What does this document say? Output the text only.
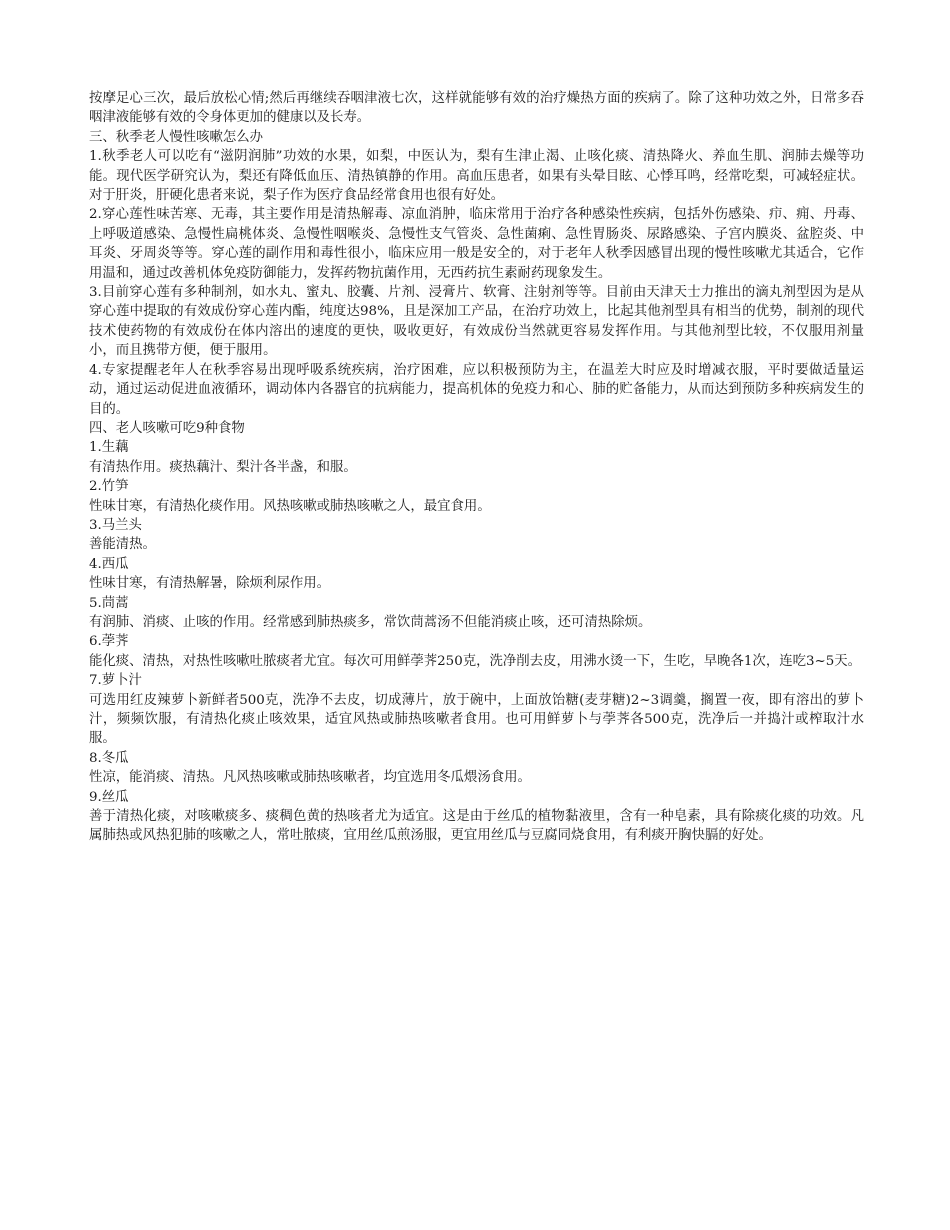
按摩足心三次，最后放松心情;然后再继续吞咽津液七次，这样就能够有效的治疗燥热方面的疾病了。除了这种功效之外，日常多吞咽津液能够有效的令身体更加的健康以及长寿。

三、秋季老人慢性咳嗽怎么办

1.秋季老人可以吃有“滋阴润肺”功效的水果，如梨，中医认为，梨有生津止渴、止咳化痰、清热降火、养血生肌、润肺去燥等功能。现代医学研究认为，梨还有降低血压、清热镇静的作用。高血压患者，如果有头晕目眩、心悸耳鸣，经常吃梨，可减轻症状。对于肝炎，肝硬化患者来说，梨子作为医疗食品经常食用也很有好处。

2.穿心莲性味苦寒、无毒，其主要作用是清热解毒、凉血消肿，临床常用于治疗各种感染性疾病，包括外伤感染、疖、痈、丹毒、上呼吸道感染、急慢性扁桃体炎、急慢性咽喉炎、急慢性支气管炎、急性菌痢、急性胃肠炎、尿路感染、子宫内膜炎、盆腔炎、中耳炎、牙周炎等等。穿心莲的副作用和毒性很小，临床应用一般是安全的，对于老年人秋季因感冒出现的慢性咳嗽尤其适合，它作用温和，通过改善机体免疫防御能力，发挥药物抗菌作用，无西药抗生素耐药现象发生。

3.目前穿心莲有多种制剂，如水丸、蜜丸、胶囊、片剂、浸膏片、软膏、注射剂等等。目前由天津天士力推出的滴丸剂型因为是从穿心莲中提取的有效成份穿心莲内酯，纯度达98%，且是深加工产品，在治疗功效上，比起其他剂型具有相当的优势，制剂的现代技术使药物的有效成份在体内溶出的速度的更快，吸收更好，有效成份当然就更容易发挥作用。与其他剂型比较，不仅服用剂量小，而且携带方便，便于服用。

4.专家提醒老年人在秋季容易出现呼吸系统疾病，治疗困难，应以积极预防为主，在温差大时应及时增减衣服，平时要做适量运动，通过运动促进血液循环，调动体内各器官的抗病能力，提高机体的免疫力和心、肺的贮备能力，从而达到预防多种疾病发生的目的。

四、老人咳嗽可吃9种食物

1.生藕

有清热作用。痰热藕汁、梨汁各半盏，和服。

2.竹笋

性味甘寒，有清热化痰作用。风热咳嗽或肺热咳嗽之人，最宜食用。

3.马兰头

善能清热。

4.西瓜

性味甘寒，有清热解暑，除烦利尿作用。

5.茼蒿

有润肺、消痰、止咳的作用。经常感到肺热痰多，常饮茼蒿汤不但能消痰止咳，还可清热除烦。

6.荸荠

能化痰、清热，对热性咳嗽吐脓痰者尤宜。每次可用鲜荸荠250克，洗净削去皮，用沸水烫一下，生吃，早晚各1次，连吃3~5天。

7.萝卜汁

可选用红皮辣萝卜新鲜者500克，洗净不去皮，切成薄片，放于碗中，上面放饴糖(麦芽糖)2~3调羹，搁置一夜，即有溶出的萝卜汁，频频饮服，有清热化痰止咳效果，适宜风热或肺热咳嗽者食用。也可用鲜萝卜与荸荠各500克，洗净后一并捣汁或榨取汁水服。

8.冬瓜

性凉，能消痰、清热。凡风热咳嗽或肺热咳嗽者，均宜选用冬瓜煨汤食用。

9.丝瓜

善于清热化痰，对咳嗽痰多、痰稠色黄的热咳者尤为适宜。这是由于丝瓜的植物黏液里，含有一种皂素，具有除痰化痰的功效。凡属肺热或风热犯肺的咳嗽之人，常吐脓痰，宜用丝瓜煎汤服，更宜用丝瓜与豆腐同烧食用，有利痰开胸快膈的好处。
